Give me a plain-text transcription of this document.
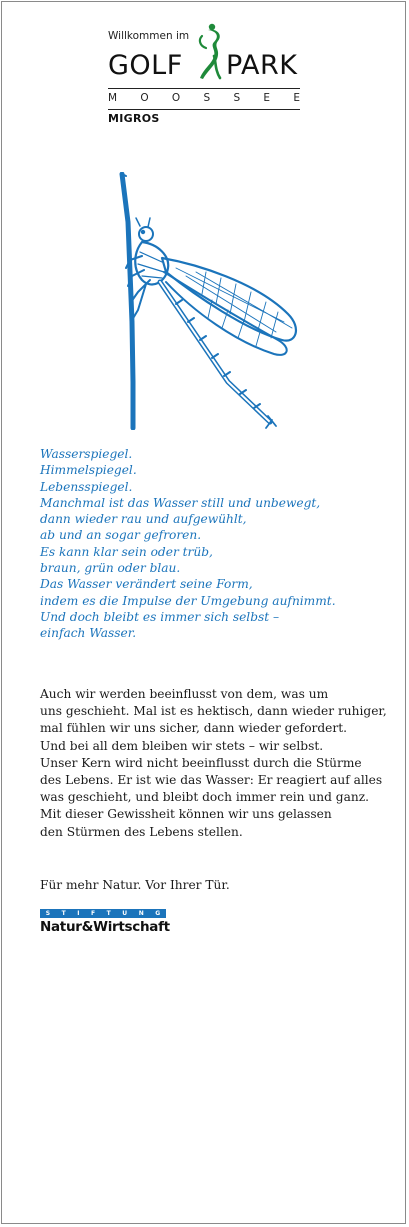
Willkommen im
GOLF PARK
M O O S S E E
MIGROS
Wasserspiegel.
Himmelspiegel.
Lebensspiegel.
Manchmal ist das Wasser still und unbewegt,
dann wieder rau und aufgewühlt,
ab und an sogar gefroren.
Es kann klar sein oder trüb,
braun, grün oder blau.
Das Wasser verändert seine Form,
indem es die Impulse der Umgebung aufnimmt.
Und doch bleibt es immer sich selbst –
einfach Wasser.
Auch wir werden beeinflusst von dem, was um
uns geschieht. Mal ist es hektisch, dann wieder ruhiger,
mal fühlen wir uns sicher, dann wieder gefordert.
Und bei all dem bleiben wir stets – wir selbst.
Unser Kern wird nicht beeinflusst durch die Stürme
des Lebens. Er ist wie das Wasser: Er reagiert auf alles
was geschieht, und bleibt doch immer rein und ganz.
Mit dieser Gewissheit können wir uns gelassen
den Stürmen des Lebens stellen.
Für mehr Natur. Vor Ihrer Tür.
S T I F T U N G
Natur&Wirtschaft
